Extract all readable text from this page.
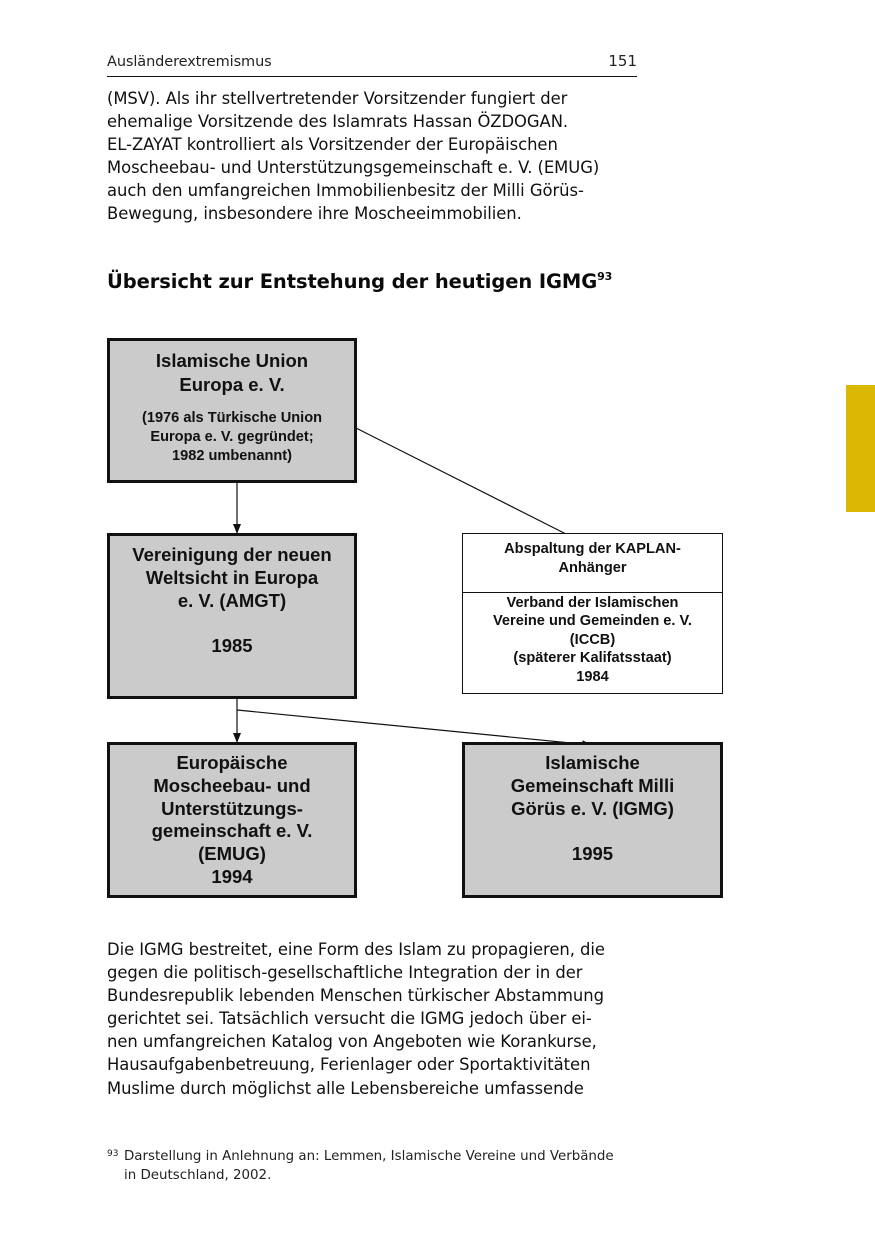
Ausländerextremismus	151
(MSV). Als ihr stellvertretender Vorsitzender fungiert der
ehemalige Vorsitzende des Islamrats Hassan ÖZDOGAN.
EL-ZAYAT kontrolliert als Vorsitzender der Europäischen
Moscheebau- und Unterstützungsgemeinschaft e. V. (EMUG)
auch den umfangreichen Immobilienbesitz der Milli Görüs-
Bewegung, insbesondere ihre Moscheeimmobilien.
Übersicht zur Entstehung der heutigen IGMG$^{93}$
Islamische Union
Europa e. V.
(1976 als Türkische Union
Europa e. V. gegründet;
1982 umbenannt)
Vereinigung der neuen
Weltsicht in Europa
e. V. (AMGT)
1985
Abspaltung der KAPLAN-
Anhänger
Verband der Islamischen
Vereine und Gemeinden e. V.
(ICCB)
(späterer Kalifatsstaat)
1984
Europäische
Moscheebau- und
Unterstützungs-
gemeinschaft e. V.
(EMUG)
1994
Islamische
Gemeinschaft Milli
Görüs e. V. (IGMG)
1995
Die IGMG bestreitet, eine Form des Islam zu propagieren, die
gegen die politisch-gesellschaftliche Integration der in der
Bundesrepublik lebenden Menschen türkischer Abstammung
gerichtet sei. Tatsächlich versucht die IGMG jedoch über ei-
nen umfangreichen Katalog von Angeboten wie Korankurse,
Hausaufgabenbetreuung, Ferienlager oder Sportaktivitäten
Muslime durch möglichst alle Lebensbereiche umfassende
93 Darstellung in Anlehnung an: Lemmen, Islamische Vereine und Verbände
in Deutschland, 2002.
